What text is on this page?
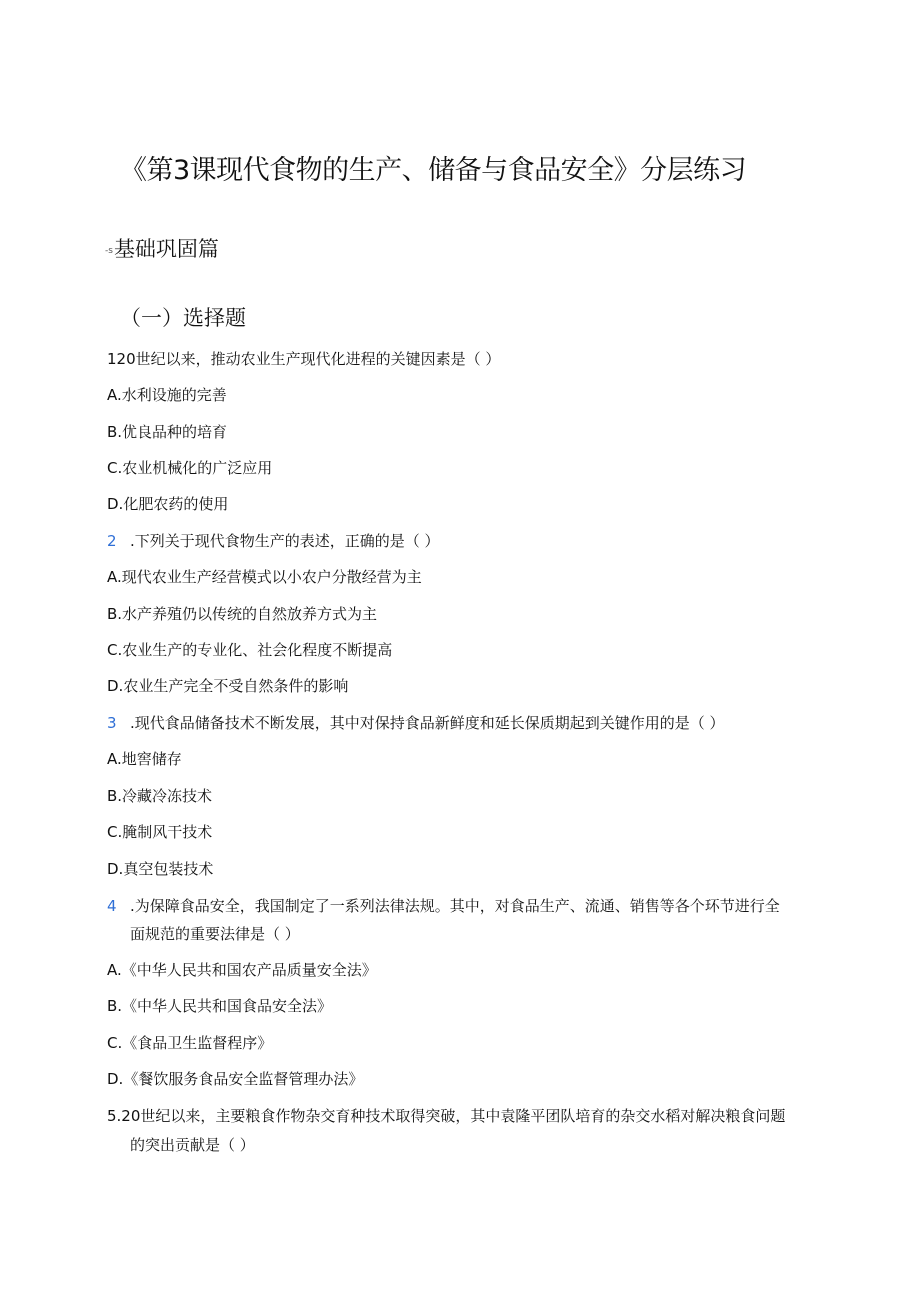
《第3课现代食物的生产、储备与食品安全》分层练习
-s基础巩固篇
（一）选择题
120世纪以来，推动农业生产现代化进程的关键因素是（ ）
A.水利设施的完善
B.优良品种的培育
C.农业机械化的广泛应用
D.化肥农药的使用
2 .下列关于现代食物生产的表述，正确的是（ ）
A.现代农业生产经营模式以小农户分散经营为主
B.水产养殖仍以传统的自然放养方式为主
C.农业生产的专业化、社会化程度不断提高
D.农业生产完全不受自然条件的影响
3 .现代食品储备技术不断发展，其中对保持食品新鲜度和延长保质期起到关键作用的是（ ）
A.地窖储存
B.冷藏冷冻技术
C.腌制风干技术
D.真空包装技术
4 .为保障食品安全，我国制定了一系列法律法规。其中，对食品生产、流通、销售等各个环节进行全
面规范的重要法律是（ ）
A.《中华人民共和国农产品质量安全法》
B.《中华人民共和国食品安全法》
C.《食品卫生监督程序》
D.《餐饮服务食品安全监督管理办法》
5.20世纪以来，主要粮食作物杂交育种技术取得突破，其中袁隆平团队培育的杂交水稻对解决粮食问题
的突出贡献是（ ）
